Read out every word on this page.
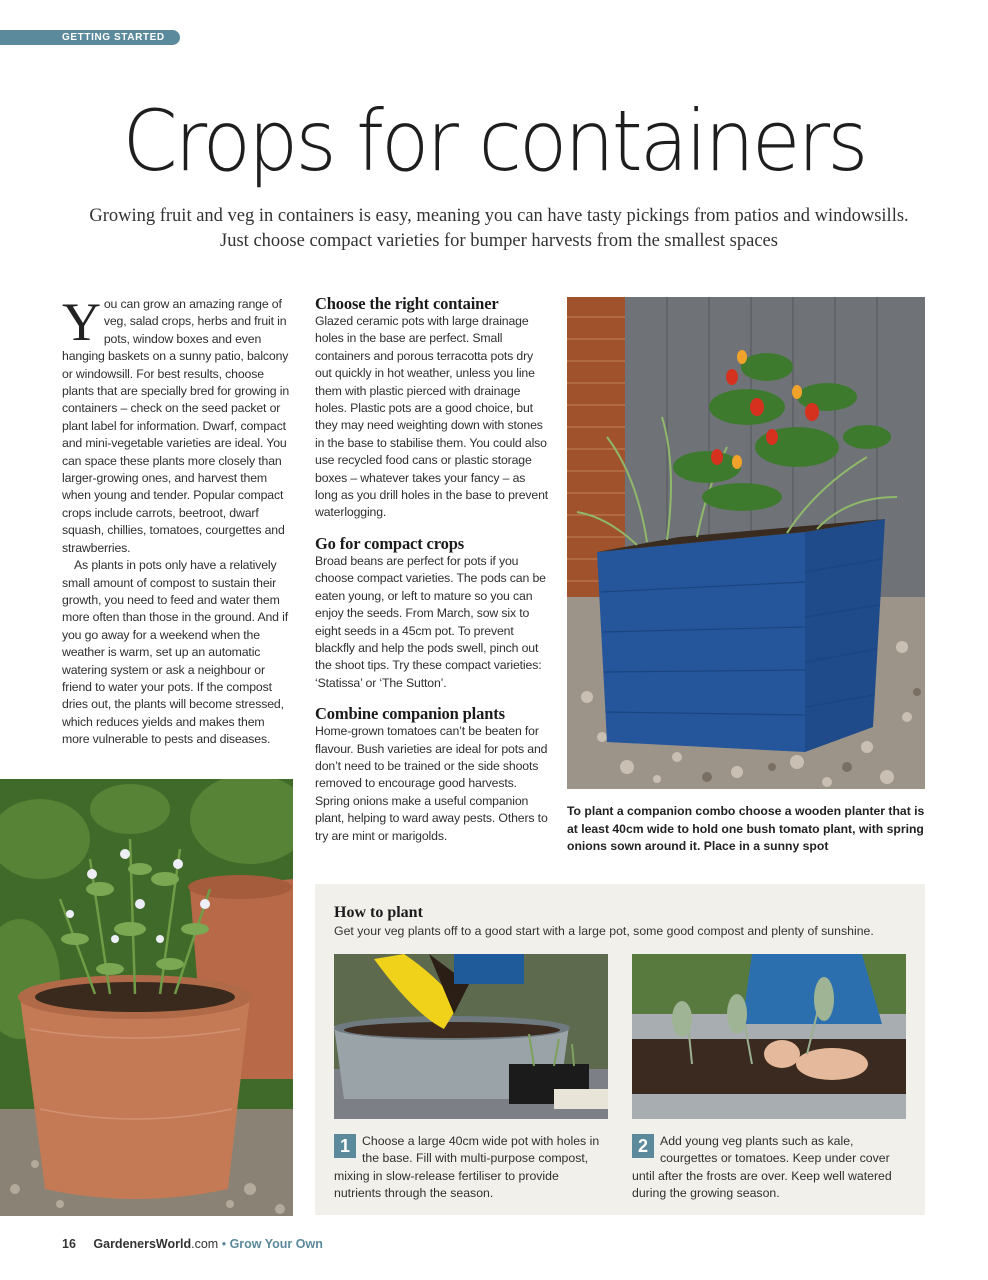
GETTING STARTED
Crops for containers

Growing fruit and veg in containers is easy, meaning you can have tasty pickings from patios and windowsills. Just choose compact varieties for bumper harvests from the smallest spaces

You can grow an amazing range of veg, salad crops, herbs and fruit in pots, window boxes and even hanging baskets on a sunny patio, balcony or windowsill. For best results, choose plants that are specially bred for growing in containers – check on the seed packet or plant label for information. Dwarf, compact and mini-vegetable varieties are ideal. You can space these plants more closely than larger-growing ones, and harvest them when young and tender. Popular compact crops include carrots, beetroot, dwarf squash, chillies, tomatoes, courgettes and strawberries.

As plants in pots only have a relatively small amount of compost to sustain their growth, you need to feed and water them more often than those in the ground. And if you go away for a weekend when the weather is warm, set up an automatic watering system or ask a neighbour or friend to water your pots. If the compost dries out, the plants will become stressed, which reduces yields and makes them more vulnerable to pests and diseases.

Choose the right container

Glazed ceramic pots with large drainage holes in the base are perfect. Small containers and porous terracotta pots dry out quickly in hot weather, unless you line them with plastic pierced with drainage holes. Plastic pots are a good choice, but they may need weighting down with stones in the base to stabilise them. You could also use recycled food cans or plastic storage boxes – whatever takes your fancy – as long as you drill holes in the base to prevent waterlogging.

Go for compact crops

Broad beans are perfect for pots if you choose compact varieties. The pods can be eaten young, or left to mature so you can enjoy the seeds. From March, sow six to eight seeds in a 45cm pot. To prevent blackfly and help the pods swell, pinch out the shoot tips. Try these compact varieties: ‘Statissa’ or ‘The Sutton’.

Combine companion plants

Home-grown tomatoes can’t be beaten for flavour. Bush varieties are ideal for pots and don’t need to be trained or the side shoots removed to encourage good harvests. Spring onions make a useful companion plant, helping to ward away pests. Others to try are mint or marigolds.

To plant a companion combo choose a wooden planter that is at least 40cm wide to hold one bush tomato plant, with spring onions sown around it. Place in a sunny spot

How to plant

Get your veg plants off to a good start with a large pot, some good compost and plenty of sunshine.

1 Choose a large 40cm wide pot with holes in the base. Fill with multi-purpose compost, mixing in slow-release fertiliser to provide nutrients through the season.
2 Add young veg plants such as kale, courgettes or tomatoes. Keep under cover until after the frosts are over. Keep well watered during the growing season.
16 GardenersWorld.com • Grow Your Own
